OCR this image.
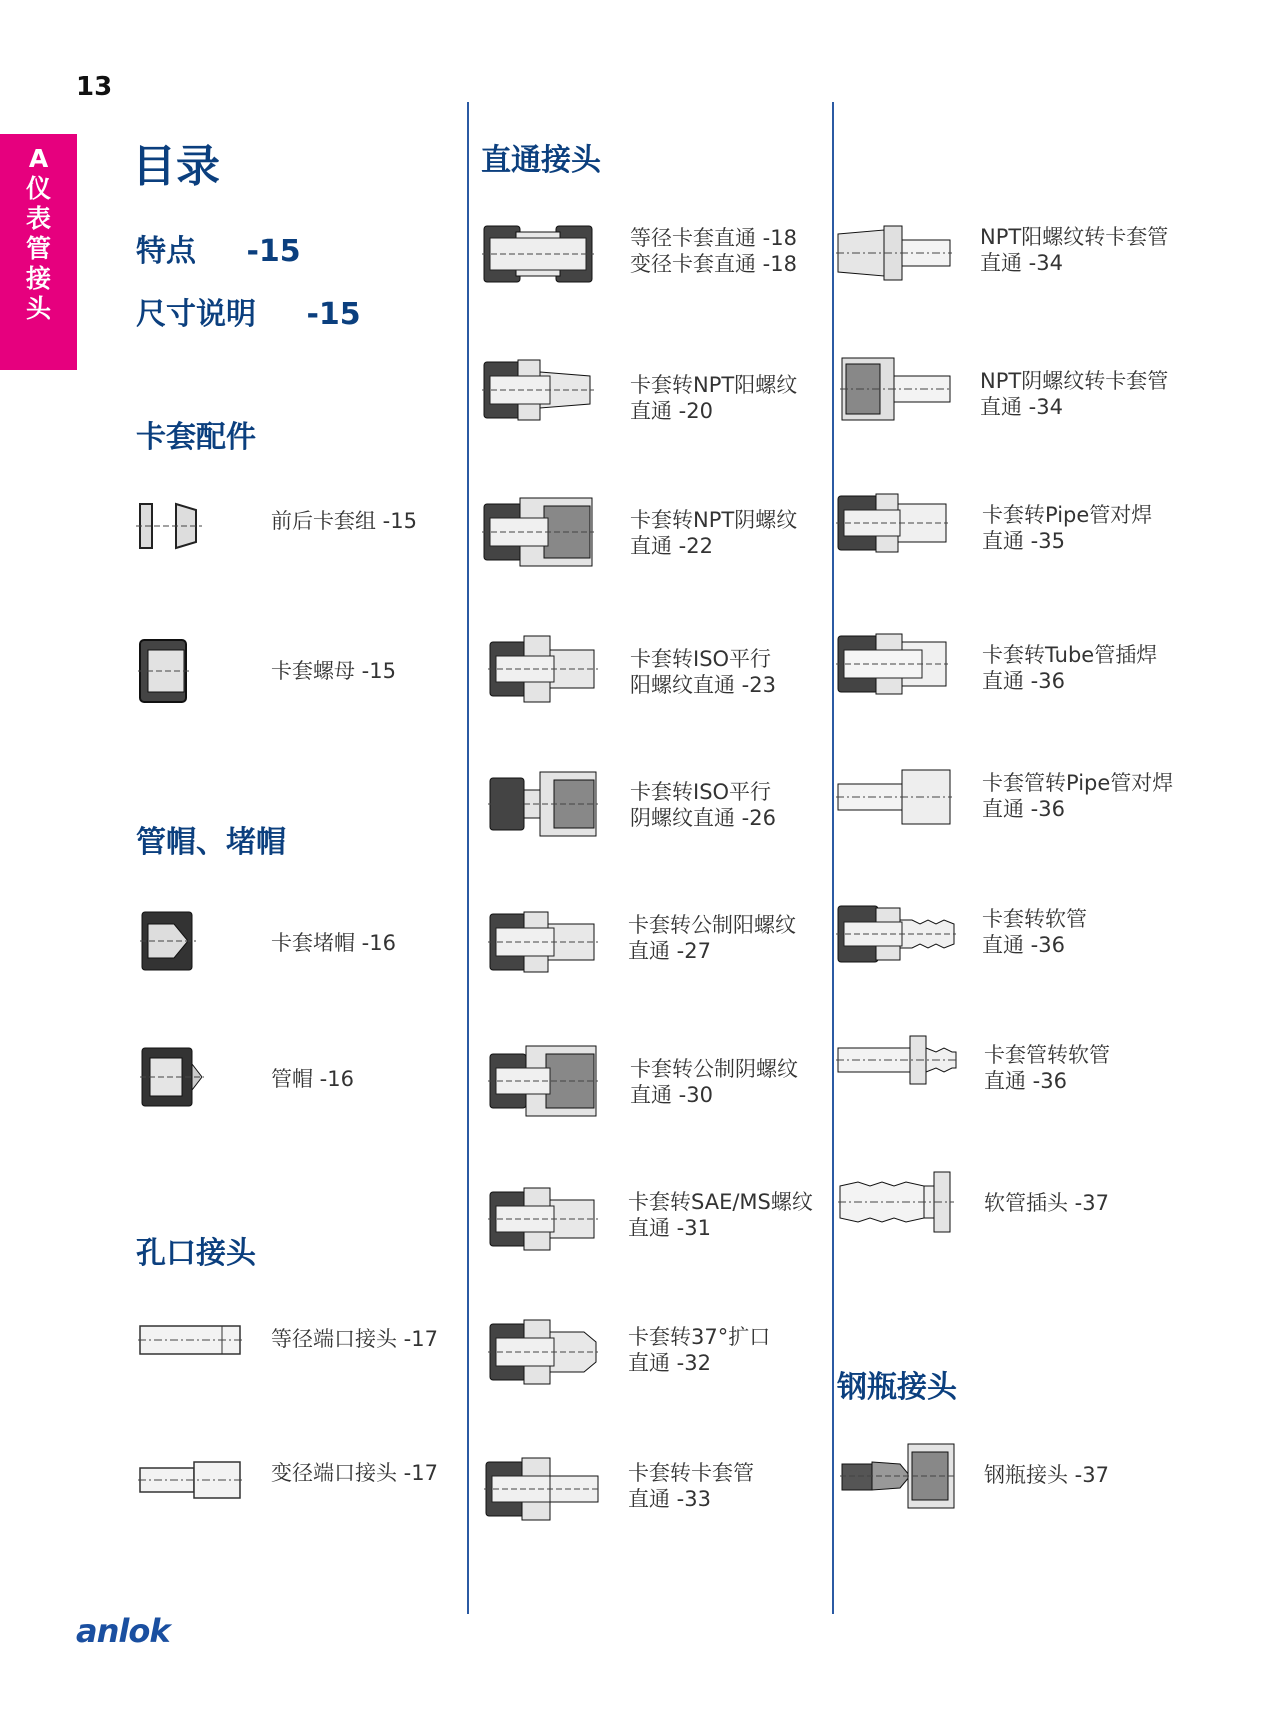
13
A
仪
表
管
接
头
目录
特点 -15
尺寸说明 -15
卡套配件
管帽、堵帽
孔口接头
直通接头
钢瓶接头
前后卡套组 -15
卡套螺母 -15
卡套堵帽 -16
管帽 -16
等径端口接头 -17
变径端口接头 -17
等径卡套直通 -18
变径卡套直通 -18
卡套转NPT阳螺纹
直通 -20
卡套转NPT阴螺纹
直通 -22
卡套转ISO平行
阳螺纹直通 -23
卡套转ISO平行
阴螺纹直通 -26
卡套转公制阳螺纹
直通 -27
卡套转公制阴螺纹
直通 -30
卡套转SAE/MS螺纹
直通 -31
卡套转37°扩口
直通 -32
卡套转卡套管
直通 -33
NPT阳螺纹转卡套管
直通 -34
NPT阴螺纹转卡套管
直通 -34
卡套转Pipe管对焊
直通 -35
卡套转Tube管插焊
直通 -36
卡套管转Pipe管对焊
直通 -36
卡套转软管
直通 -36
卡套管转软管
直通 -36
软管插头 -37
钢瓶接头 -37
anlok
